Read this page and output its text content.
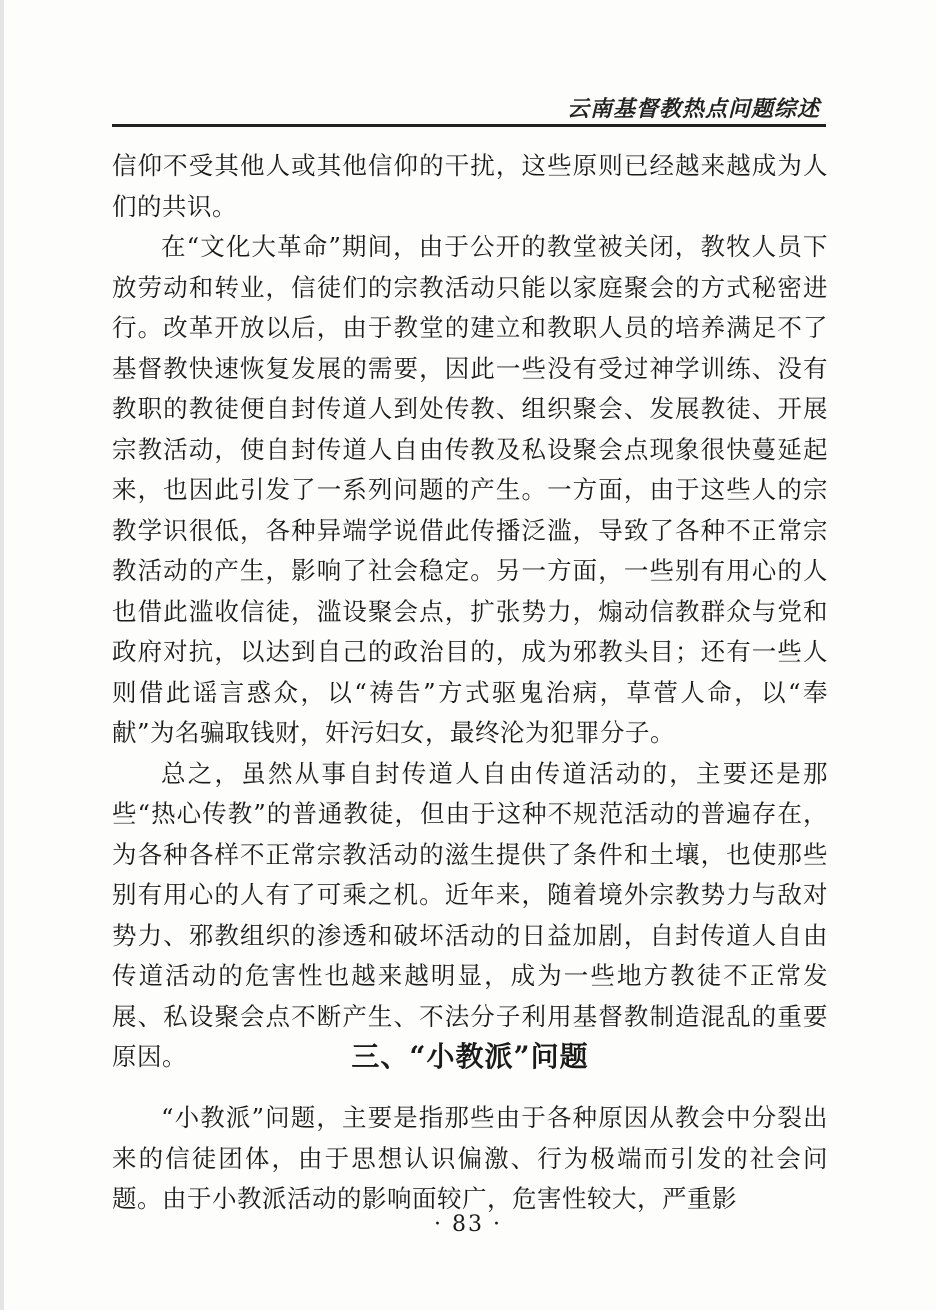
云南基督教热点问题综述

信仰不受其他人或其他信仰的干扰，这些原则已经越来越成为人们的共识。

在“文化大革命”期间，由于公开的教堂被关闭，教牧人员下放劳动和转业，信徒们的宗教活动只能以家庭聚会的方式秘密进行。改革开放以后，由于教堂的建立和教职人员的培养满足不了基督教快速恢复发展的需要，因此一些没有受过神学训练、没有教职的教徒便自封传道人到处传教、组织聚会、发展教徒、开展宗教活动，使自封传道人自由传教及私设聚会点现象很快蔓延起来，也因此引发了一系列问题的产生。一方面，由于这些人的宗教学识很低，各种异端学说借此传播泛滥，导致了各种不正常宗教活动的产生，影响了社会稳定。另一方面，一些别有用心的人也借此滥收信徒，滥设聚会点，扩张势力，煽动信教群众与党和政府对抗，以达到自己的政治目的，成为邪教头目；还有一些人则借此谣言惑众，以“祷告”方式驱鬼治病，草菅人命，以“奉献”为名骗取钱财，奸污妇女，最终沦为犯罪分子。

总之，虽然从事自封传道人自由传道活动的，主要还是那些“热心传教”的普通教徒，但由于这种不规范活动的普遍存在，为各种各样不正常宗教活动的滋生提供了条件和土壤，也使那些别有用心的人有了可乘之机。近年来，随着境外宗教势力与敌对势力、邪教组织的渗透和破坏活动的日益加剧，自封传道人自由传道活动的危害性也越来越明显，成为一些地方教徒不正常发展、私设聚会点不断产生、不法分子利用基督教制造混乱的重要原因。	三、“小教派”问题

“小教派”问题，主要是指那些由于各种原因从教会中分裂出来的信徒团体，由于思想认识偏激、行为极端而引发的社会问题。由于小教派活动的影响面较广，危害性较大，严重影

· 83 ·
